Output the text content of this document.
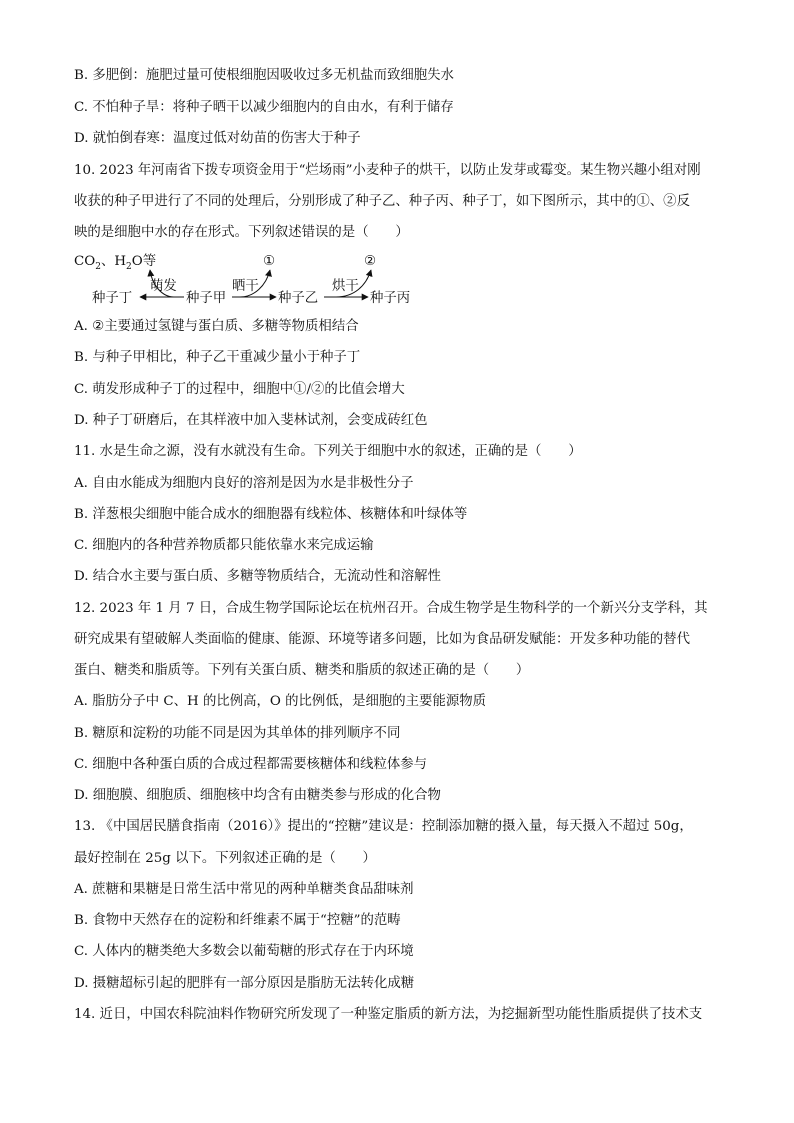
B. 多肥倒：施肥过量可使根细胞因吸收过多无机盐而致细胞失水
C. 不怕种子旱：将种子晒干以减少细胞内的自由水，有利于储存
D. 就怕倒春寒：温度过低对幼苗的伤害大于种子
10. 2023 年河南省下拨专项资金用于“烂场雨”小麦种子的烘干，以防止发芽或霉变。某生物兴趣小组对刚
收获的种子甲进行了不同的处理后，分别形成了种子乙、种子丙、种子丁，如下图所示，其中的①、②反
映的是细胞中水的存在形式。下列叙述错误的是（　　）
$CO_2$、$H_2O$等	①	②
种子丁	种子甲	种子乙	种子丙
萌发	晒干	烘干
A. ②主要通过氢键与蛋白质、多糖等物质相结合
B. 与种子甲相比，种子乙干重减少量小于种子丁
C. 萌发形成种子丁的过程中，细胞中①/②的比值会增大
D. 种子丁研磨后，在其样液中加入斐林试剂，会变成砖红色
11. 水是生命之源，没有水就没有生命。下列关于细胞中水的叙述，正确的是（　　）
A. 自由水能成为细胞内良好的溶剂是因为水是非极性分子
B. 洋葱根尖细胞中能合成水的细胞器有线粒体、核糖体和叶绿体等
C. 细胞内的各种营养物质都只能依靠水来完成运输
D. 结合水主要与蛋白质、多糖等物质结合，无流动性和溶解性
12. 2023 年 1 月 7 日，合成生物学国际论坛在杭州召开。合成生物学是生物科学的一个新兴分支学科，其
研究成果有望破解人类面临的健康、能源、环境等诸多问题，比如为食品研发赋能：开发多种功能的替代
蛋白、糖类和脂质等。下列有关蛋白质、糖类和脂质的叙述正确的是（　　）
A. 脂肪分子中 C、H 的比例高，O 的比例低，是细胞的主要能源物质
B. 糖原和淀粉的功能不同是因为其单体的排列顺序不同
C. 细胞中各种蛋白质的合成过程都需要核糖体和线粒体参与
D. 细胞膜、细胞质、细胞核中均含有由糖类参与形成的化合物
13. 《中国居民膳食指南（2016）》提出的“控糖”建议是：控制添加糖的摄入量，每天摄入不超过 50g，
最好控制在 25g 以下。下列叙述正确的是（　　）
A. 蔗糖和果糖是日常生活中常见的两种单糖类食品甜味剂
B. 食物中天然存在的淀粉和纤维素不属于“控糖”的范畴
C. 人体内的糖类绝大多数会以葡萄糖的形式存在于内环境
D. 摄糖超标引起的肥胖有一部分原因是脂肪无法转化成糖
14. 近日，中国农科院油料作物研究所发现了一种鉴定脂质的新方法，为挖掘新型功能性脂质提供了技术支
